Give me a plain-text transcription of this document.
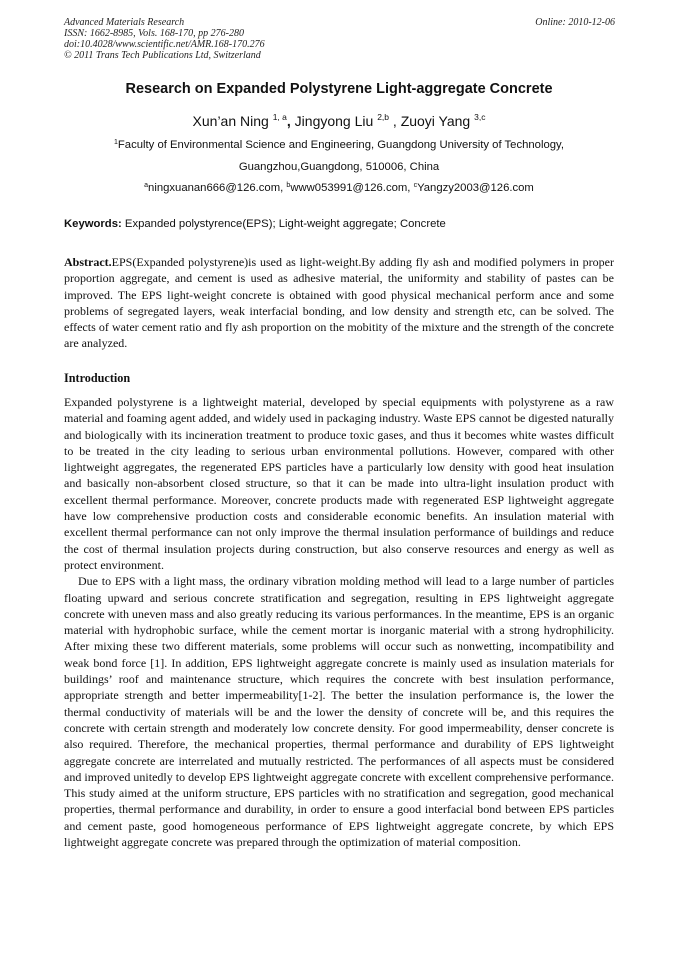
Advanced Materials Research
ISSN: 1662-8985, Vols. 168-170, pp 276-280
doi:10.4028/www.scientific.net/AMR.168-170.276
© 2011 Trans Tech Publications Ltd, Switzerland
Online: 2010-12-06
Research on Expanded Polystyrene Light-aggregate Concrete
Xun’an Ning $^{1, a}$, Jingyong Liu $^{2,b}$ , Zuoyi Yang $^{3,c}$
$^1$Faculty of Environmental Science and Engineering, Guangdong University of Technology,
Guangzhou,Guangdong, 510006, China
$^a$ningxuanan666@126.com, $^b$www053991@126.com, $^c$Yangzy2003@126.com
Keywords: Expanded polystyrence(EPS); Light-weight aggregate; Concrete
Abstract.EPS(Expanded polystyrene)is used as light-weight.By adding fly ash and modified polymers in proper proportion aggregate, and cement is used as adhesive material, the uniformity and stability of pastes can be improved. The EPS light-weight concrete is obtained with good physical mechanical perform ance and some problems of segregated layers, weak interfacial bonding, and low density and strength etc, can be solved. The effects of water cement ratio and fly ash proportion on the mobitity of the mixture and the strength of the concrete are analyzed.
Introduction

Expanded polystyrene is a lightweight material, developed by special equipments with polystyrene as a raw material and foaming agent added, and widely used in packaging industry. Waste EPS cannot be digested naturally and biologically with its incineration treatment to produce toxic gases, and thus it becomes white wastes difficult to be treated in the city leading to serious urban environmental pollutions. However, compared with other lightweight aggregates, the regenerated EPS particles have a particularly low density with good heat insulation and basically non-absorbent closed structure, so that it can be made into ultra-light insulation product with excellent thermal performance. Moreover, concrete products made with regenerated ESP lightweight aggregate have low comprehensive production costs and considerable economic benefits. An insulation material with excellent thermal performance can not only improve the thermal insulation performance of buildings and reduce the cost of thermal insulation projects during construction, but also conserve resources and energy as well as protect environment.

Due to EPS with a light mass, the ordinary vibration molding method will lead to a large number of particles floating upward and serious concrete stratification and segregation, resulting in EPS lightweight aggregate concrete with uneven mass and also greatly reducing its various performances. In the meantime, EPS is an organic material with hydrophobic surface, while the cement mortar is inorganic material with a strong hydrophilicity. After mixing these two different materials, some problems will occur such as nonwetting, incompatibility and weak bond force [1]. In addition, EPS lightweight aggregate concrete is mainly used as insulation materials for buildings’ roof and maintenance structure, which requires the concrete with best insulation performance, appropriate strength and better impermeability[1-2]. The better the insulation performance is, the lower the thermal conductivity of materials will be and the lower the density of concrete will be, and this requires the concrete with certain strength and moderately low concrete density. For good impermeability, denser concrete is also required. Therefore, the mechanical properties, thermal performance and durability of EPS lightweight aggregate concrete are interrelated and mutually restricted. The performances of all aspects must be considered and improved unitedly to develop EPS lightweight aggregate concrete with excellent comprehensive performance. This study aimed at the uniform structure, EPS particles with no stratification and segregation, good mechanical properties, thermal performance and durability, in order to ensure a good interfacial bond between EPS particles and cement paste, good homogeneous performance of EPS lightweight aggregate concrete, by which EPS lightweight aggregate concrete was prepared through the optimization of material composition.
